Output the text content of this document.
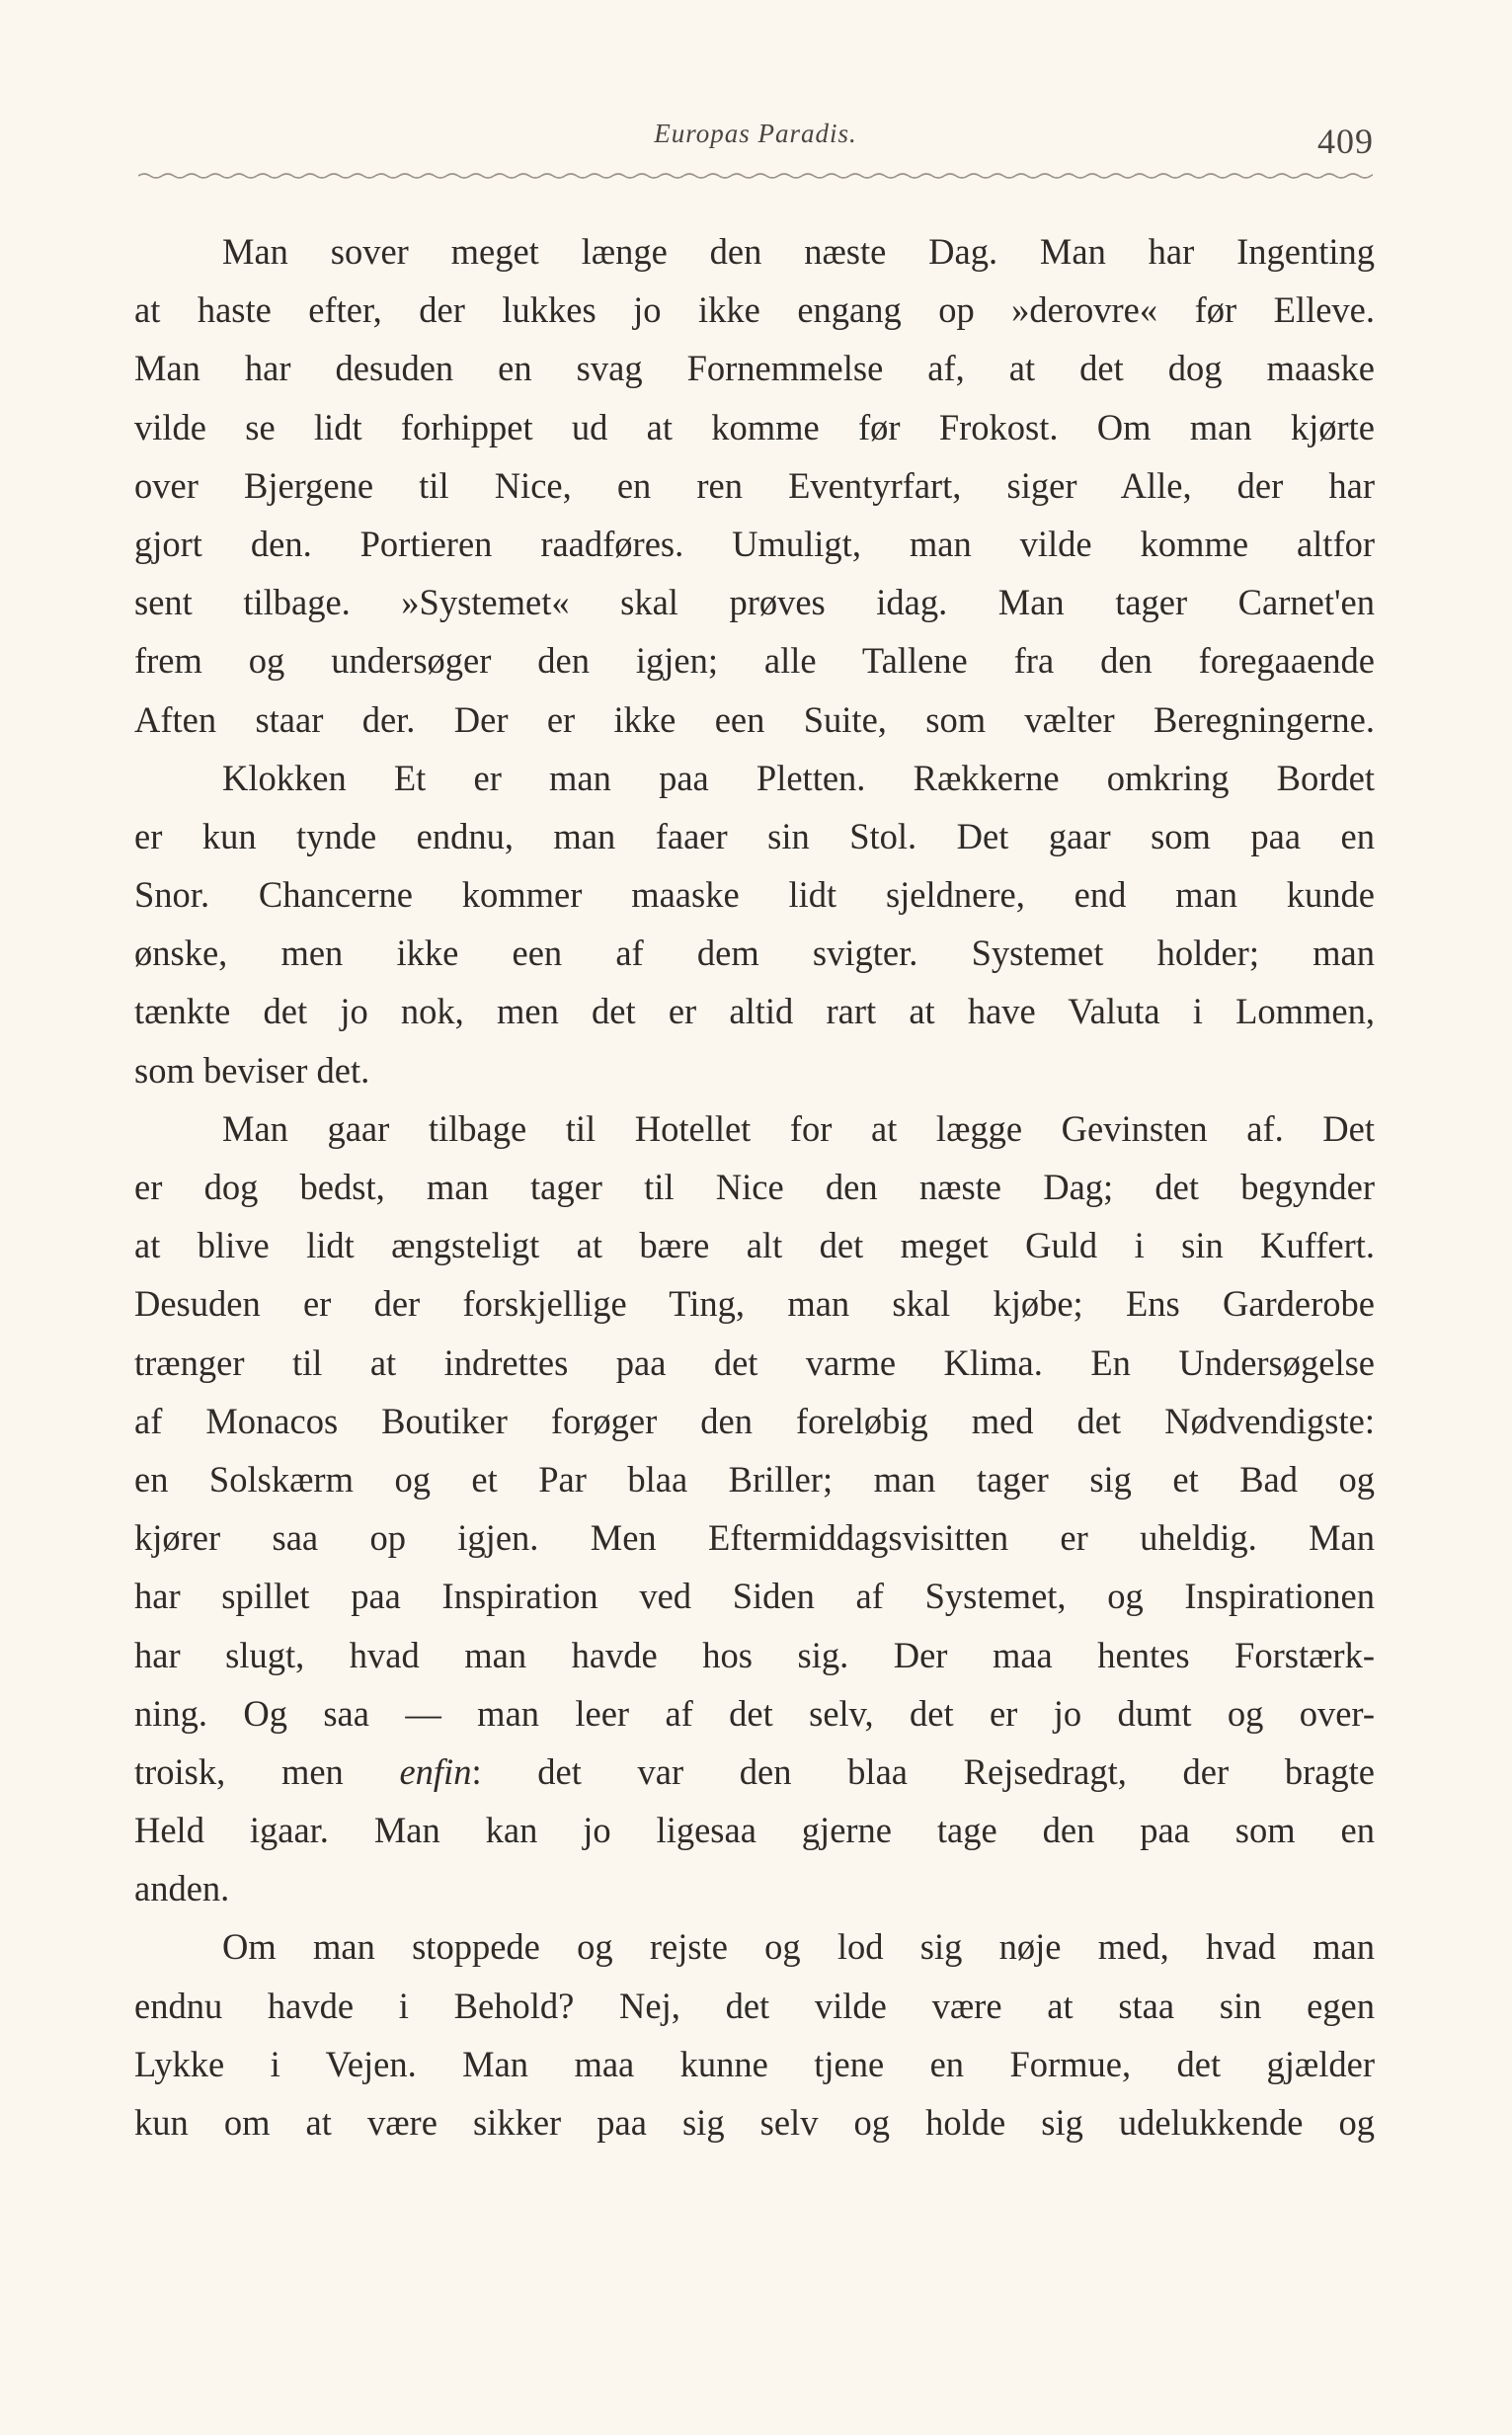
Europas Paradis.	409
Man sover meget længe den næste Dag. Man har Ingenting
at haste efter, der lukkes jo ikke engang op »derovre« før Elleve.
Man har desuden en svag Fornemmelse af, at det dog maaske
vilde se lidt forhippet ud at komme før Frokost. Om man kjørte
over Bjergene til Nice, en ren Eventyrfart, siger Alle, der har
gjort den. Portieren raadføres. Umuligt, man vilde komme altfor
sent tilbage. »Systemet« skal prøves idag. Man tager Carnet'en
frem og undersøger den igjen; alle Tallene fra den foregaaende
Aften staar der. Der er ikke een Suite, som vælter Beregningerne.
Klokken Et er man paa Pletten. Rækkerne omkring Bordet
er kun tynde endnu, man faaer sin Stol. Det gaar som paa en
Snor. Chancerne kommer maaske lidt sjeldnere, end man kunde
ønske, men ikke een af dem svigter. Systemet holder; man
tænkte det jo nok, men det er altid rart at have Valuta i Lommen,
som beviser det.
Man gaar tilbage til Hotellet for at lægge Gevinsten af. Det
er dog bedst, man tager til Nice den næste Dag; det begynder
at blive lidt ængsteligt at bære alt det meget Guld i sin Kuffert.
Desuden er der forskjellige Ting, man skal kjøbe; Ens Garderobe
trænger til at indrettes paa det varme Klima. En Undersøgelse
af Monacos Boutiker forøger den foreløbig med det Nødvendigste:
en Solskærm og et Par blaa Briller; man tager sig et Bad og
kjører saa op igjen. Men Eftermiddagsvisitten er uheldig. Man
har spillet paa Inspiration ved Siden af Systemet, og Inspirationen
har slugt, hvad man havde hos sig. Der maa hentes Forstærk-
ning. Og saa — man leer af det selv, det er jo dumt og over-
troisk, men enfin: det var den blaa Rejsedragt, der bragte
Held igaar. Man kan jo ligesaa gjerne tage den paa som en
anden.
Om man stoppede og rejste og lod sig nøje med, hvad man
endnu havde i Behold? Nej, det vilde være at staa sin egen
Lykke i Vejen. Man maa kunne tjene en Formue, det gjælder
kun om at være sikker paa sig selv og holde sig udelukkende og
